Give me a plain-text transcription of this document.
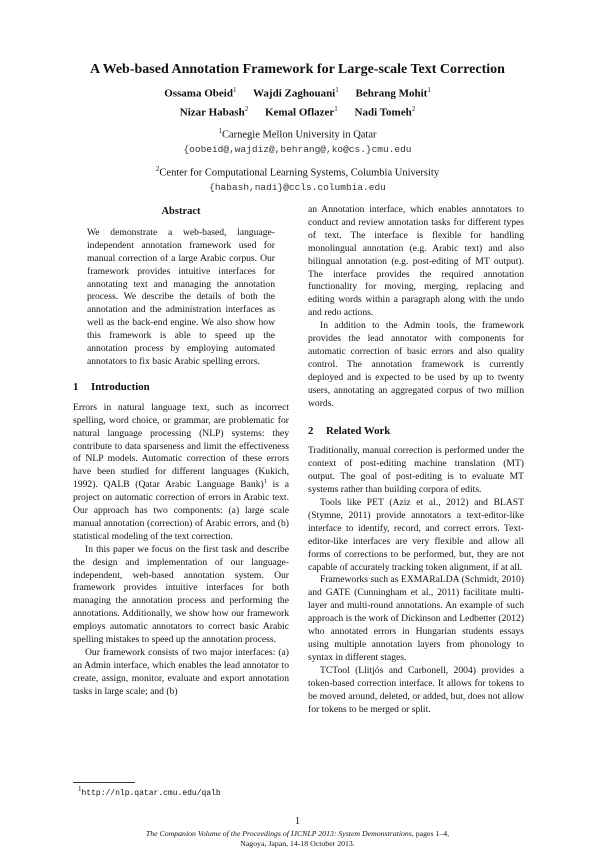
A Web-based Annotation Framework for Large-scale Text Correction
Ossama Obeid$^1$ Wajdi Zaghouani$^1$ Behrang Mohit$^1$
Nizar Habash$^2$ Kemal Oflazer$^1$ Nadi Tomeh$^2$
$^1$Carnegie Mellon University in Qatar
{oobeid@,wajdiz@,behrang@,ko@cs.}cmu.edu
$^2$Center for Computational Learning Systems, Columbia University
{habash,nadi}@ccls.columbia.edu
Abstract
We demonstrate a web-based, language-independent annotation framework used for manual correction of a large Arabic corpus. Our framework provides intuitive interfaces for annotating text and managing the annotation process. We describe the details of both the annotation and the administration interfaces as well as the back-end engine. We also show how this framework is able to speed up the annotation process by employing automated annotators to fix basic Arabic spelling errors.
1 Introduction

Errors in natural language text, such as incorrect spelling, word choice, or grammar, are problematic for natural language processing (NLP) systems: they contribute to data sparseness and limit the effectiveness of NLP models. Automatic correction of these errors have been studied for different languages (Kukich, 1992). QALB (Qatar Arabic Language Bank)$^1$ is a project on automatic correction of errors in Arabic text. Our approach has two components: (a) large scale manual annotation (correction) of Arabic errors, and (b) statistical modeling of the text correction.

In this paper we focus on the first task and describe the design and implementation of our language-independent, web-based annotation system. Our framework provides intuitive interfaces for both managing the annotation process and performing the annotations. Additionally, we show how our framework employs automatic annotators to correct basic Arabic spelling mistakes to speed up the annotation process.

Our framework consists of two major interfaces: (a) an Admin interface, which enables the lead annotator to create, assign, monitor, evaluate and export annotation tasks in large scale; and (b)

an Annotation interface, which enables annotators to conduct and review annotation tasks for different types of text. The interface is flexible for handling monolingual annotation (e.g. Arabic text) and also bilingual annotation (e.g. post-editing of MT output). The interface provides the required annotation functionality for moving, merging, replacing and editing words within a paragraph along with the undo and redo actions.

In addition to the Admin tools, the framework provides the lead annotator with components for automatic correction of basic errors and also quality control. The annotation framework is currently deployed and is expected to be used by up to twenty users, annotating an aggregated corpus of two million words.

2 Related Work

Traditionally, manual correction is performed under the context of post-editing machine translation (MT) output. The goal of post-editing is to evaluate MT systems rather than building corpora of edits.

Tools like PET (Aziz et al., 2012) and BLAST (Stymne, 2011) provide annotators a text-editor-like interface to identify, record, and correct errors. Text-editor-like interfaces are very flexible and allow all forms of corrections to be performed, but, they are not capable of accurately tracking token alignment, if at all.

Frameworks such as EXMARaLDA (Schmidt, 2010) and GATE (Cunningham et al., 2011) facilitate multi-layer and multi-round annotations. An example of such approach is the work of Dickinson and Ledbetter (2012) who annotated errors in Hungarian students essays using multiple annotation layers from phonology to syntax in different stages.

TCTool (Llitjós and Carbonell, 2004) provides a token-based correction interface. It allows for tokens to be moved around, deleted, or added, but, does not allow for tokens to be merged or split.

$^1$http://nlp.qatar.cmu.edu/qalb
1
The Companion Volume of the Proceedings of IJCNLP 2013: System Demonstrations, pages 1–4,
Nagoya, Japan, 14-18 October 2013.
